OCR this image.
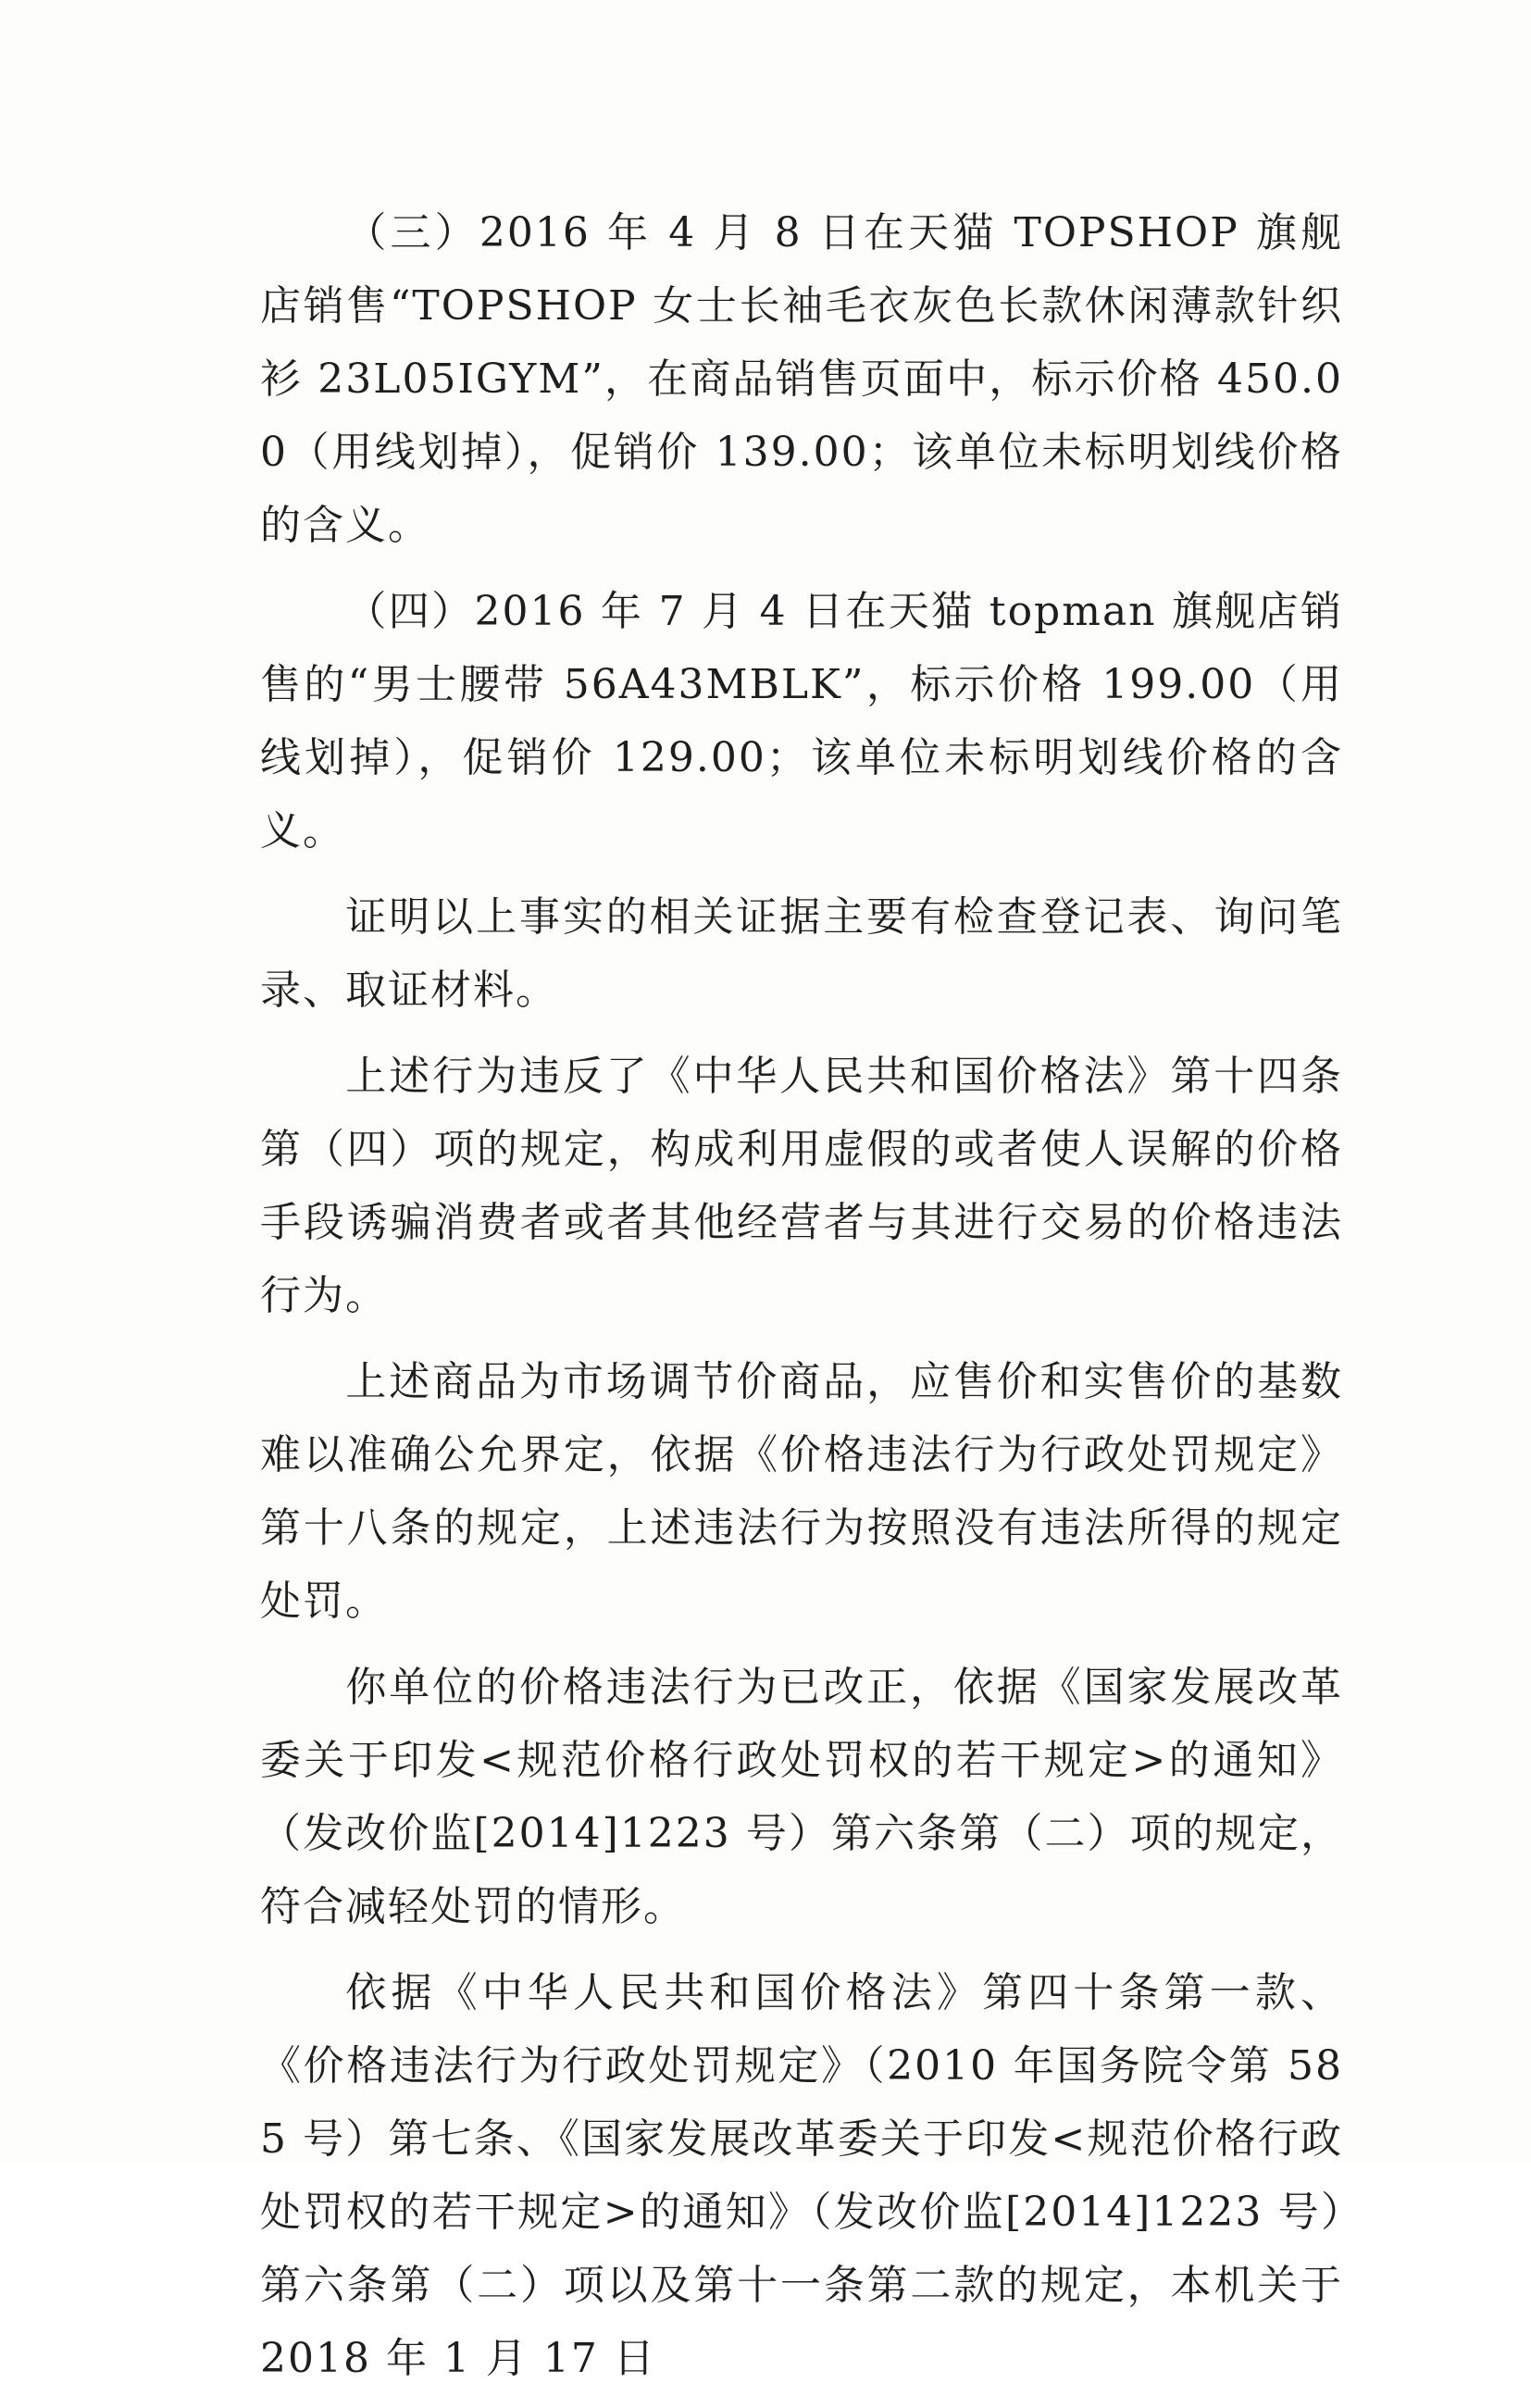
（三）2016 年 4 月 8 日在天猫 TOPSHOP 旗舰店销售“TOPSHOP 女士长袖毛衣灰色长款休闲薄款针织衫 23L05IGYM”，在商品销售页面中，标示价格 450.00（用线划掉），促销价 139.00；该单位未标明划线价格的含义。

（四）2016 年 7 月 4 日在天猫 topman 旗舰店销售的“男士腰带 56A43MBLK”，标示价格 199.00（用线划掉），促销价 129.00；该单位未标明划线价格的含义。

证明以上事实的相关证据主要有检查登记表、询问笔录、取证材料。

上述行为违反了《中华人民共和国价格法》第十四条第（四）项的规定，构成利用虚假的或者使人误解的价格手段诱骗消费者或者其他经营者与其进行交易的价格违法行为。

上述商品为市场调节价商品，应售价和实售价的基数难以准确公允界定，依据《价格违法行为行政处罚规定》第十八条的规定，上述违法行为按照没有违法所得的规定处罚。

你单位的价格违法行为已改正，依据《国家发展改革委关于印发<规范价格行政处罚权的若干规定>的通知》（发改价监[2014]1223 号）第六条第（二）项的规定，符合减轻处罚的情形。

依据《中华人民共和国价格法》第四十条第一款、《价格违法行为行政处罚规定》（2010 年国务院令第 585 号）第七条、《国家发展改革委关于印发<规范价格行政处罚权的若干规定>的通知》（发改价监[2014]1223 号）第六条第（二）项以及第十一条第二款的规定，本机关于 2018 年 1 月 17 日
